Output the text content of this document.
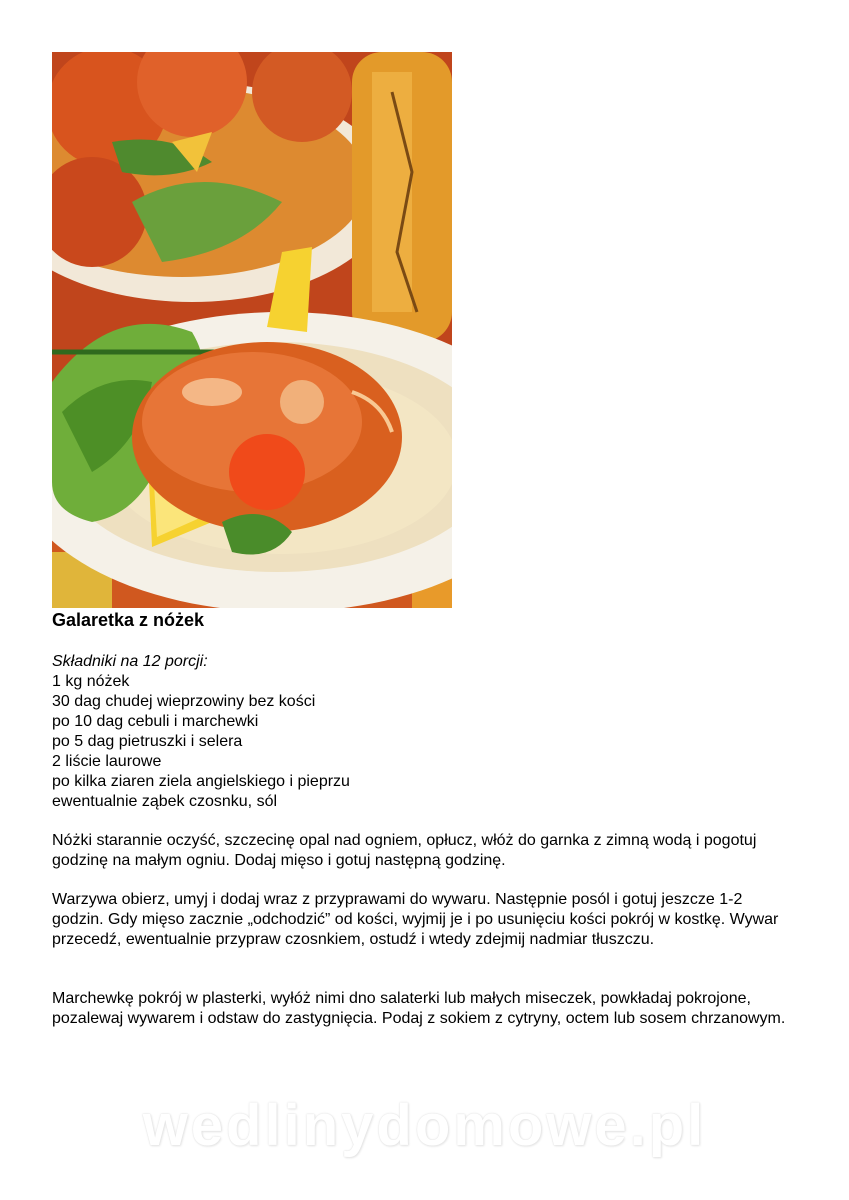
Galaretka z nóżek
Składniki na 12 porcji:
1 kg nóżek
30 dag chudej wieprzowiny bez kości
po 10 dag cebuli i marchewki
po 5 dag pietruszki i selera
2 liście laurowe
po kilka ziaren ziela angielskiego i pieprzu
ewentualnie ząbek czosnku, sól

Nóżki starannie oczyść, szczecinę opal nad ogniem, opłucz, włóż do garnka z zimną wodą i pogotuj godzinę na małym ogniu. Dodaj mięso i gotuj następną godzinę.

Warzywa obierz, umyj i dodaj wraz z przyprawami do wywaru. Następnie posól i gotuj jeszcze 1-2 godzin. Gdy mięso zacznie „odchodzić” od kości, wyjmij je i po usunięciu kości pokrój w kostkę. Wywar przecedź, ewentualnie przypraw czosnkiem, ostudź i wtedy zdejmij nadmiar tłuszczu.

Marchewkę pokrój w plasterki, wyłóż nimi dno salaterki lub małych miseczek, powkładaj pokrojone, pozalewaj wywarem i odstaw do zastygnięcia. Podaj z sokiem z cytryny, octem lub sosem chrzanowym.

wedlinydomowe.pl
